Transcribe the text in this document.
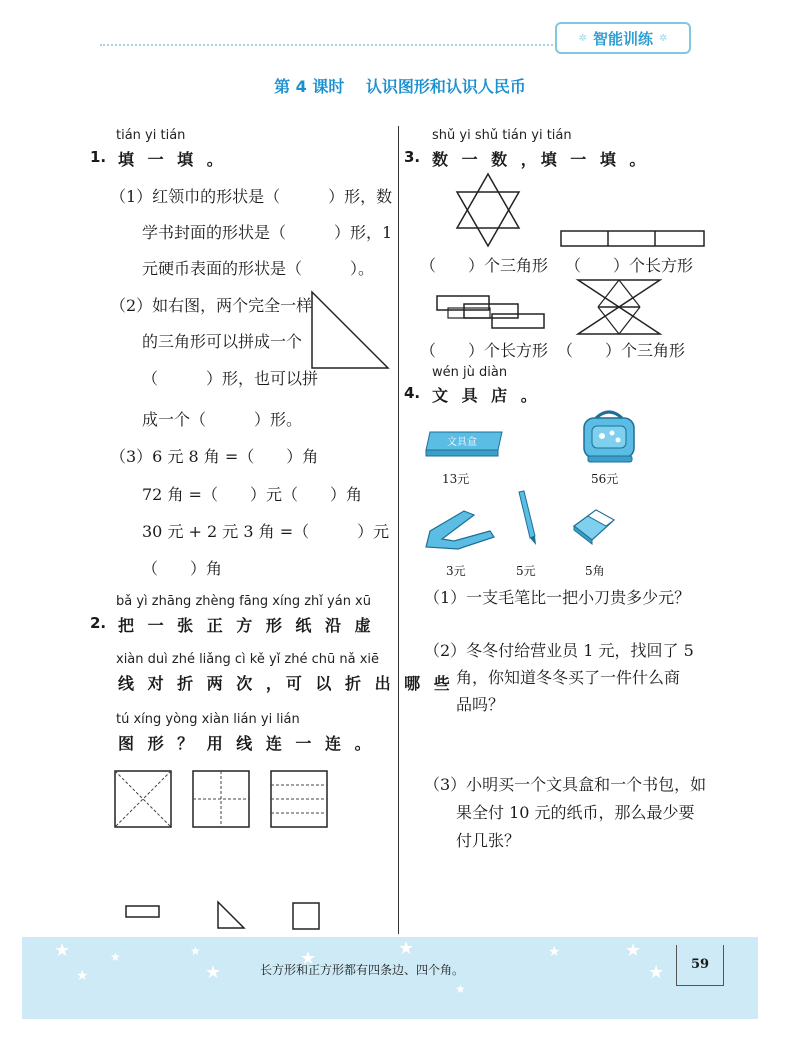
✲ 智能训练 ✲
第 4 课时 认识图形和认识人民币
tián yi tián
1. 填 一 填 。
（1）红领巾的形状是（　　　）形，数
学书封面的形状是（　　　）形，1
元硬币表面的形状是（　　　）。
（2）如右图，两个完全一样
的三角形可以拼成一个
（　　　）形，也可以拼
成一个（　　　）形。
（3）6 元 8 角 =（　　）角
72 角 =（　　）元（　　）角
30 元 + 2 元 3 角 =（　　　）元
（　　）角
bǎ yì zhāng zhèng fāng xíng zhǐ yán xū
2. 把 一 张 正 方 形 纸 沿 虚
xiàn duì zhé liǎng cì kě yǐ zhé chū nǎ xiē
线 对 折 两 次 ，可 以 折 出 哪 些
tú xíng yòng xiàn lián yi lián
图 形 ？ 用 线 连 一 连 。
shǔ yi shǔ tián yi tián
3. 数 一 数 ，填 一 填 。
（　　）个三角形 （　　）个长方形
（　　）个长方形 （　　）个三角形
wén jù diàn
4. 文 具 店 。
文具盒
13元	56元
3元	5元	5角
（1）一支毛笔比一把小刀贵多少元？
（2）冬冬付给营业员 1 元，找回了 5
角，你知道冬冬买了一件什么商
品吗？
（3）小明买一个文具盒和一个书包，如
果全付 10 元的纸币，那么最少要
付几张？
★	★
★
★
★
★	★
★
★	★
★
长方形和正方形都有四条边、四个角。	59
